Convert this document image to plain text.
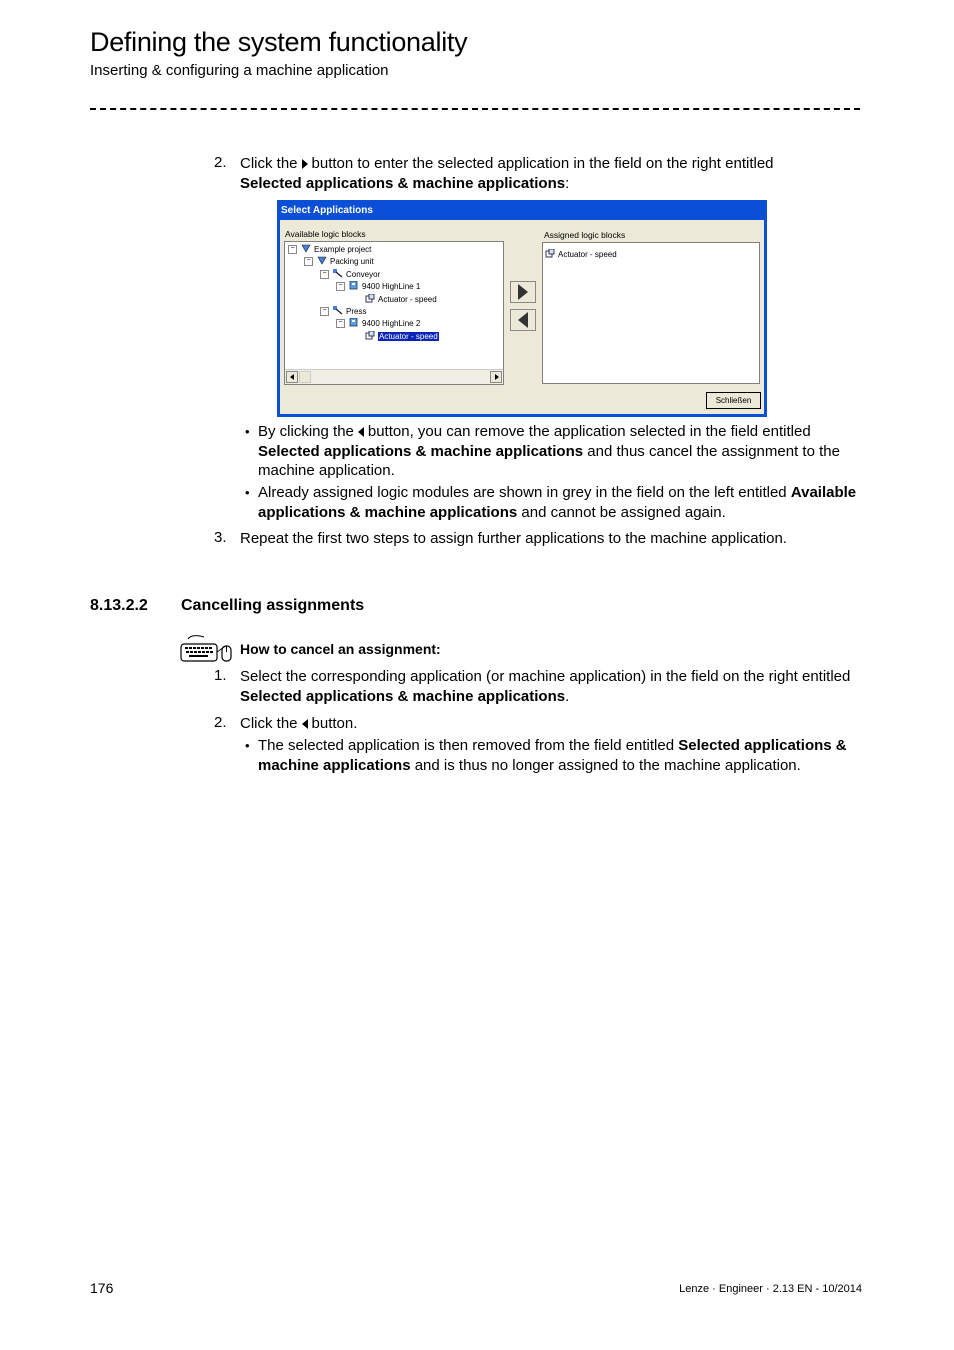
Defining the system functionality
Inserting & configuring a machine application
2. Click the button to enter the selected application in the field on the right entitled
Selected applications & machine applications:
Select Applications
Available logic blocks	Assigned logic blocks
−	Example project
−	Packing unit
−	Conveyor
−	9400 HighLine 1
Actuator - speed
−	Press
−	9400 HighLine 2
Actuator - speed
Actuator - speed
Schließen
• By clicking the button, you can remove the application selected in the field entitled Selected applications & machine applications and thus cancel the assignment to the machine application.
• Already assigned logic modules are shown in grey in the field on the left entitled Available applications & machine applications and cannot be assigned again.
3. Repeat the first two steps to assign further applications to the machine application.
8.13.2.2 Cancelling assignments
How to cancel an assignment:
1. Select the corresponding application (or machine application) in the field on the right entitled Selected applications & machine applications.
2. Click the button.
• The selected application is then removed from the field entitled Selected applications & machine applications and is thus no longer assigned to the machine application.
176	Lenze · Engineer · 2.13 EN - 10/2014
